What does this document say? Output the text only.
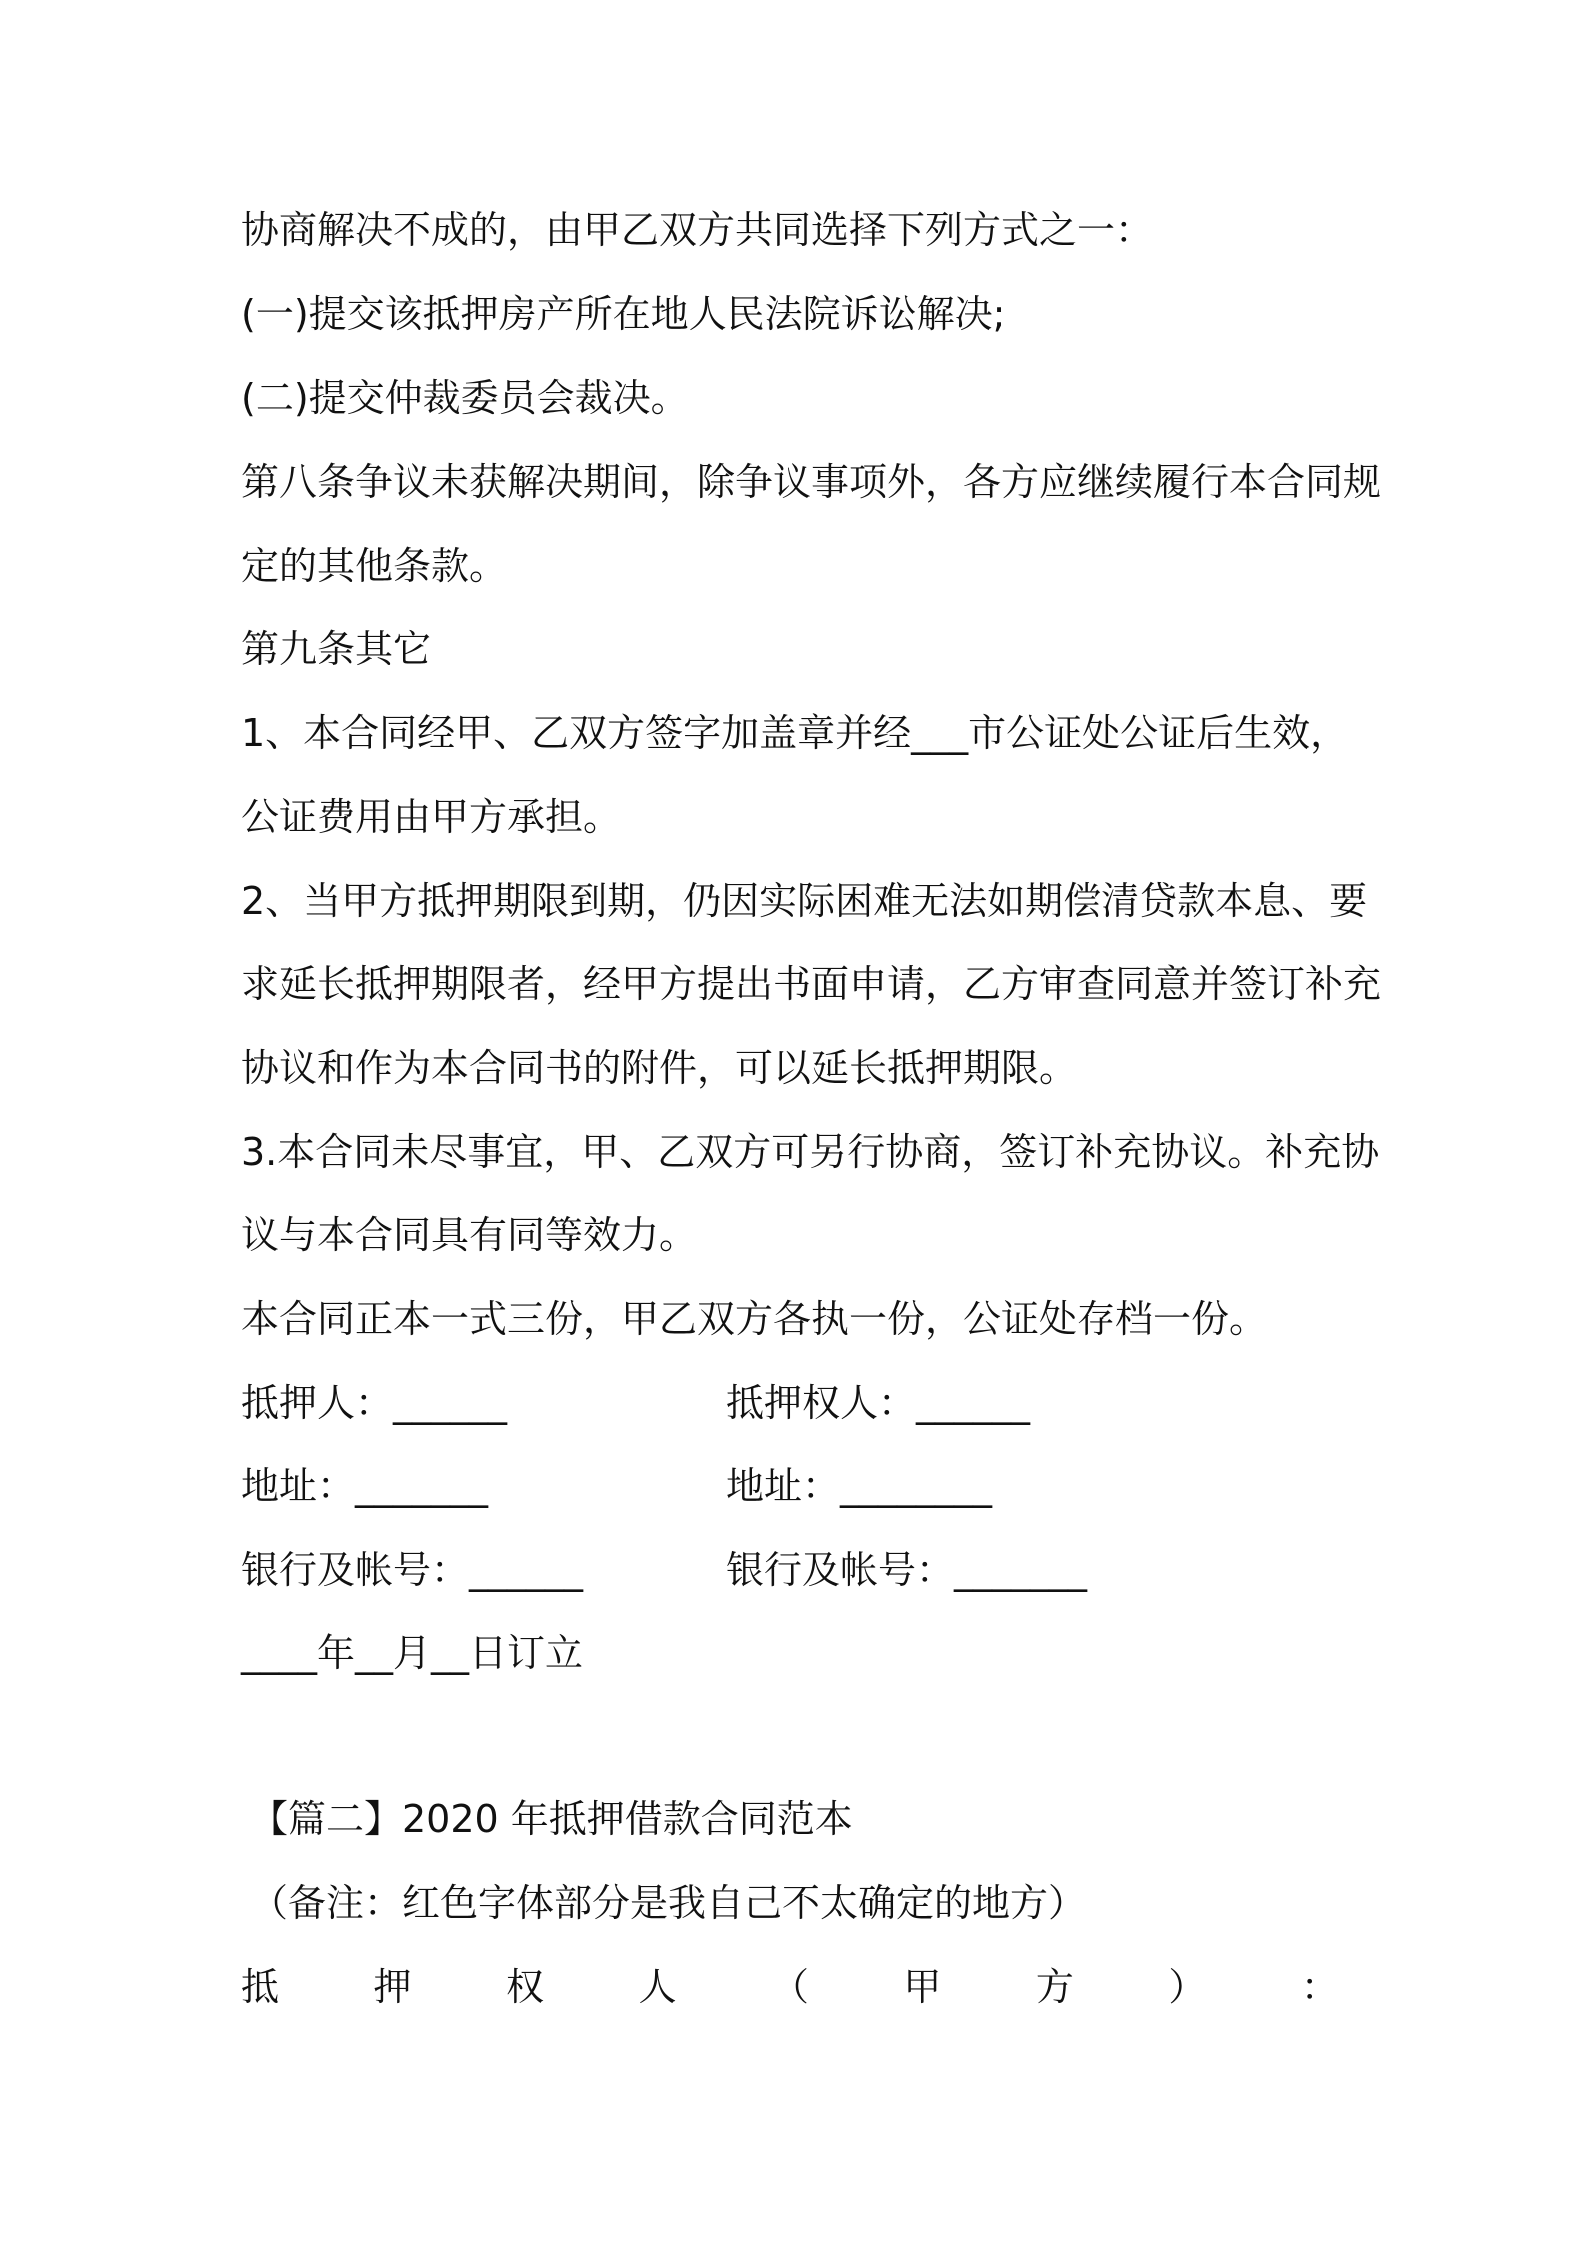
协商解决不成的，由甲乙双方共同选择下列方式之一：
(一)提交该抵押房产所在地人民法院诉讼解决;
(二)提交仲裁委员会裁决。
第八条争议未获解决期间，除争议事项外，各方应继续履行本合同规
定的其他条款。
第九条其它
1、本合同经甲、乙双方签字加盖章并经___市公证处公证后生效，
公证费用由甲方承担。
2、当甲方抵押期限到期，仍因实际困难无法如期偿清贷款本息、要
求延长抵押期限者，经甲方提出书面申请，乙方审查同意并签订补充
协议和作为本合同书的附件，可以延长抵押期限。
3.本合同未尽事宜，甲、乙双方可另行协商，签订补充协议。补充协
议与本合同具有同等效力。
本合同正本一式三份，甲乙双方各执一份，公证处存档一份。
抵押人：______	抵押权人：______
地址：_______	地址：________
银行及帐号：______	银行及帐号：_______
____年__月__日订立
【篇二】2020 年抵押借款合同范本
（备注：红色字体部分是我自己不太确定的地方）
抵 押 权 人 （ 甲 方 ） ：
